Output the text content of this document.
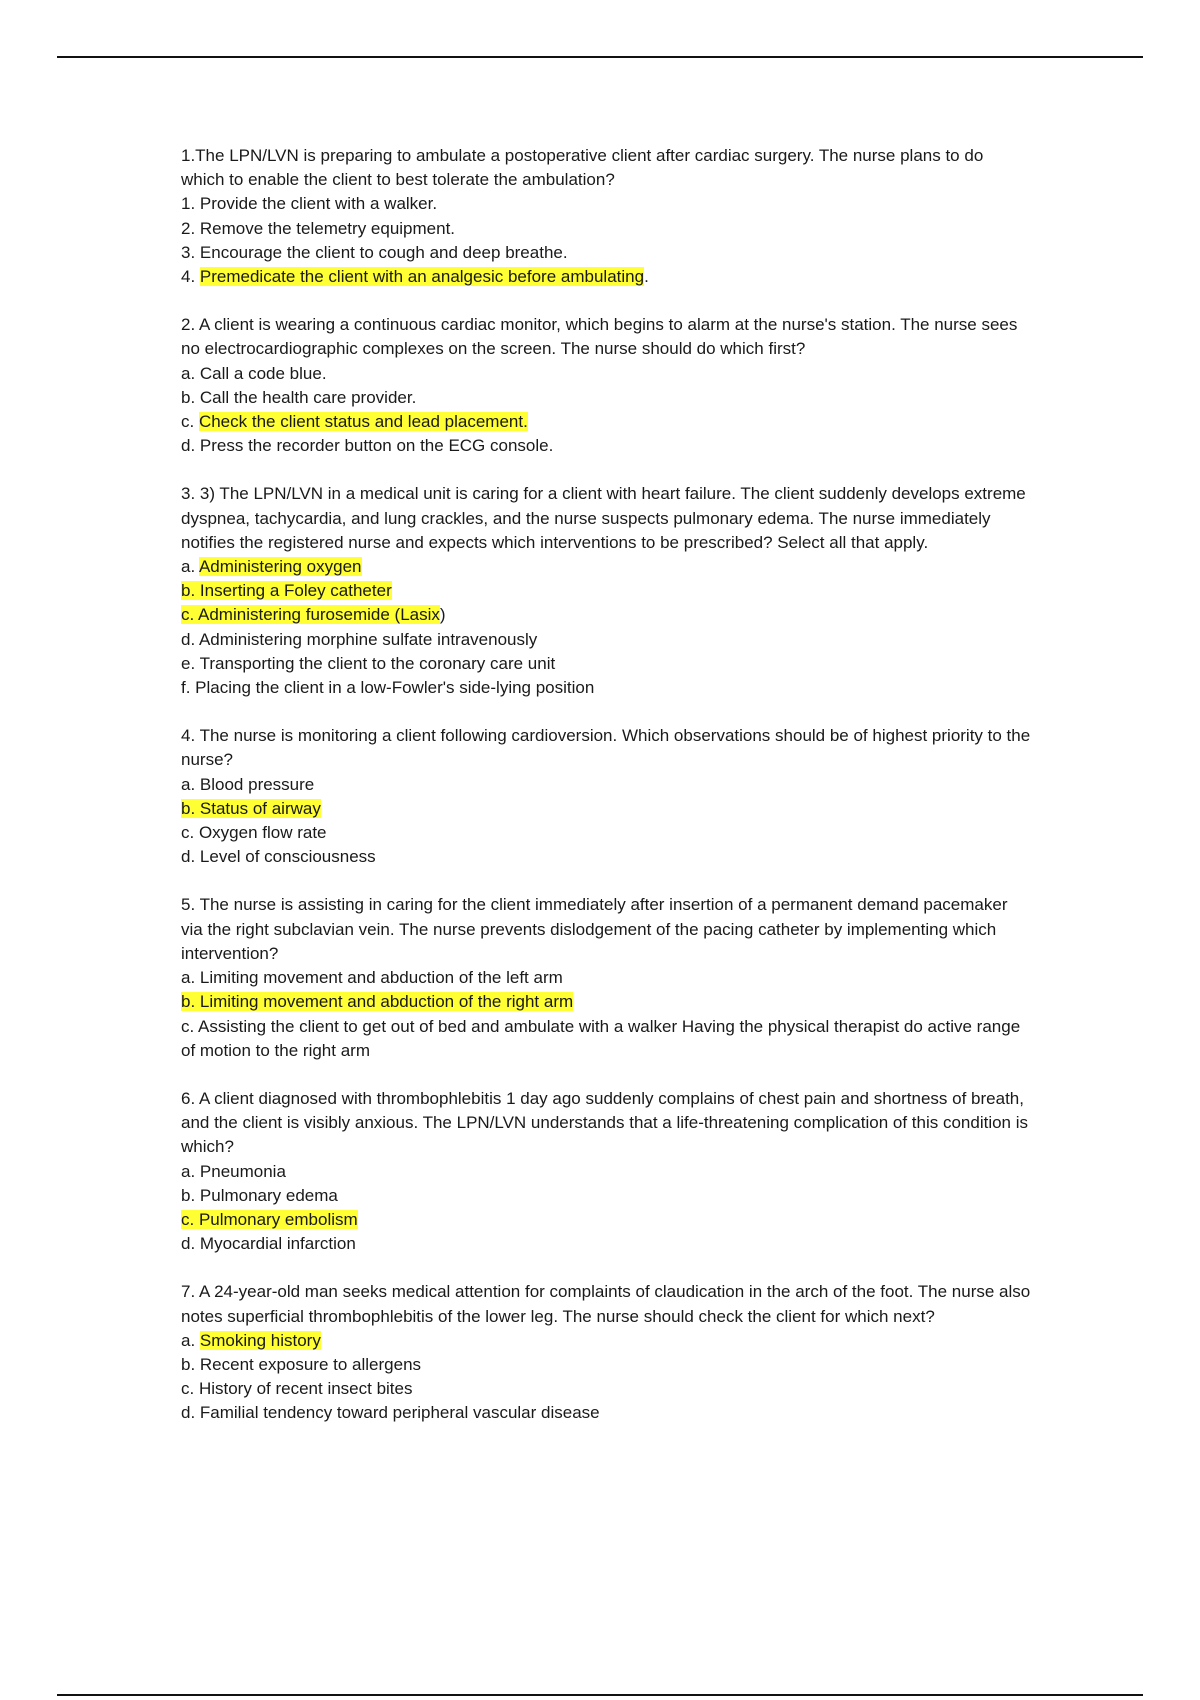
1.The LPN/LVN is preparing to ambulate a postoperative client after cardiac surgery. The nurse plans to do which to enable the client to best tolerate the ambulation?

1. Provide the client with a walker.

2. Remove the telemetry equipment.

3. Encourage the client to cough and deep breathe.

4. Premedicate the client with an analgesic before ambulating.

2. A client is wearing a continuous cardiac monitor, which begins to alarm at the nurse's station. The nurse sees no electrocardiographic complexes on the screen. The nurse should do which first?

a. Call a code blue.

b. Call the health care provider.

c. Check the client status and lead placement.

d. Press the recorder button on the ECG console.

3. 3) The LPN/LVN in a medical unit is caring for a client with heart failure. The client suddenly develops extreme dyspnea, tachycardia, and lung crackles, and the nurse suspects pulmonary edema. The nurse immediately notifies the registered nurse and expects which interventions to be prescribed? Select all that apply.

a. Administering oxygen

b. Inserting a Foley catheter

c. Administering furosemide (Lasix)

d. Administering morphine sulfate intravenously

e. Transporting the client to the coronary care unit

f. Placing the client in a low-Fowler's side-lying position

4. The nurse is monitoring a client following cardioversion. Which observations should be of highest priority to the nurse?

a. Blood pressure

b. Status of airway

c. Oxygen flow rate

d. Level of consciousness

5. The nurse is assisting in caring for the client immediately after insertion of a permanent demand pacemaker via the right subclavian vein. The nurse prevents dislodgement of the pacing catheter by implementing which intervention?

a. Limiting movement and abduction of the left arm

b. Limiting movement and abduction of the right arm

c. Assisting the client to get out of bed and ambulate with a walker Having the physical therapist do active range of motion to the right arm

6. A client diagnosed with thrombophlebitis 1 day ago suddenly complains of chest pain and shortness of breath, and the client is visibly anxious. The LPN/LVN understands that a life-threatening complication of this condition is which?

a. Pneumonia

b. Pulmonary edema

c. Pulmonary embolism

d. Myocardial infarction

7. A 24-year-old man seeks medical attention for complaints of claudication in the arch of the foot. The nurse also notes superficial thrombophlebitis of the lower leg. The nurse should check the client for which next?

a. Smoking history

b. Recent exposure to allergens

c. History of recent insect bites

d. Familial tendency toward peripheral vascular disease
